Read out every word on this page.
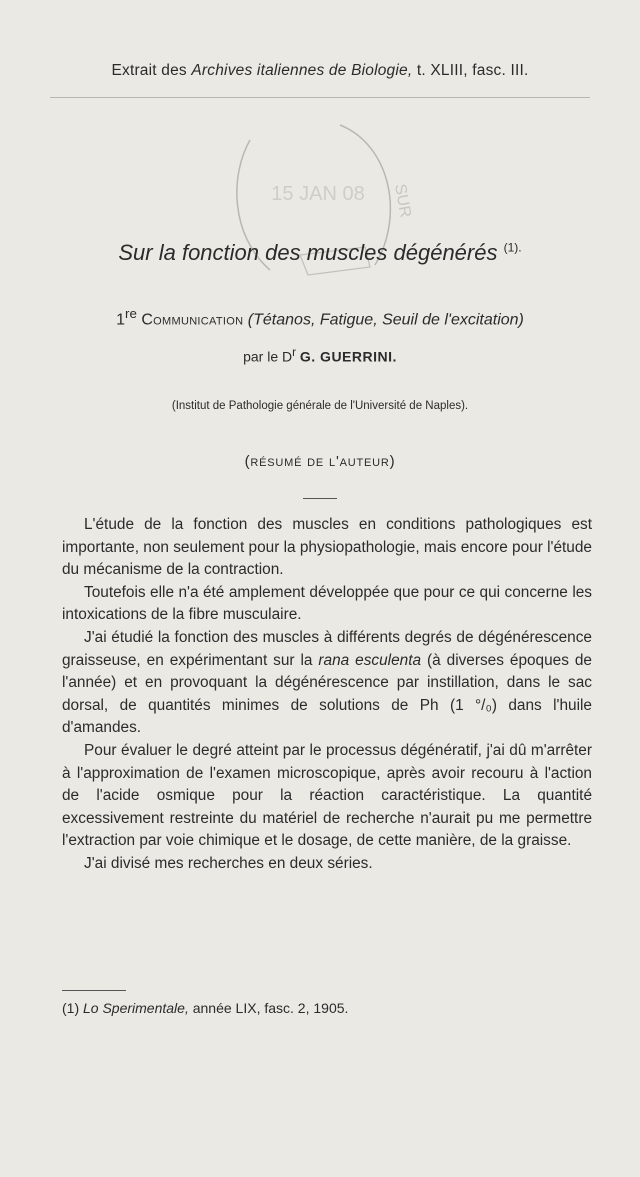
Extrait des Archives italiennes de Biologie, t. XLIII, fasc. III.
15 JAN 08 SUR
Sur la fonction des muscles dégénérés $^{(1).}$
1re Communication (Tétanos, Fatigue, Seuil de l'excitation)
par le $D^r$ G. GUERRINI.
(Institut de Pathologie générale de l'Université de Naples).
(résumé de l'auteur)

L'étude de la fonction des muscles en conditions pathologiques est importante, non seulement pour la physiopathologie, mais encore pour l'étude du mécanisme de la contraction.

Toutefois elle n'a été amplement développée que pour ce qui concerne les intoxications de la fibre musculaire.

J'ai étudié la fonction des muscles à différents degrés de dégénérescence graisseuse, en expérimentant sur la rana esculenta (à diverses époques de l'année) et en provoquant la dégénérescence par instillation, dans le sac dorsal, de quantités minimes de solutions de Ph (1 °/₀) dans l'huile d'amandes.

Pour évaluer le degré atteint par le processus dégénératif, j'ai dû m'arrêter à l'approximation de l'examen microscopique, après avoir recouru à l'action de l'acide osmique pour la réaction caractéristique. La quantité excessivement restreinte du matériel de recherche n'aurait pu me permettre l'extraction par voie chimique et le dosage, de cette manière, de la graisse.

J'ai divisé mes recherches en deux séries.

(1) Lo Sperimentale, année LIX, fasc. 2, 1905.
